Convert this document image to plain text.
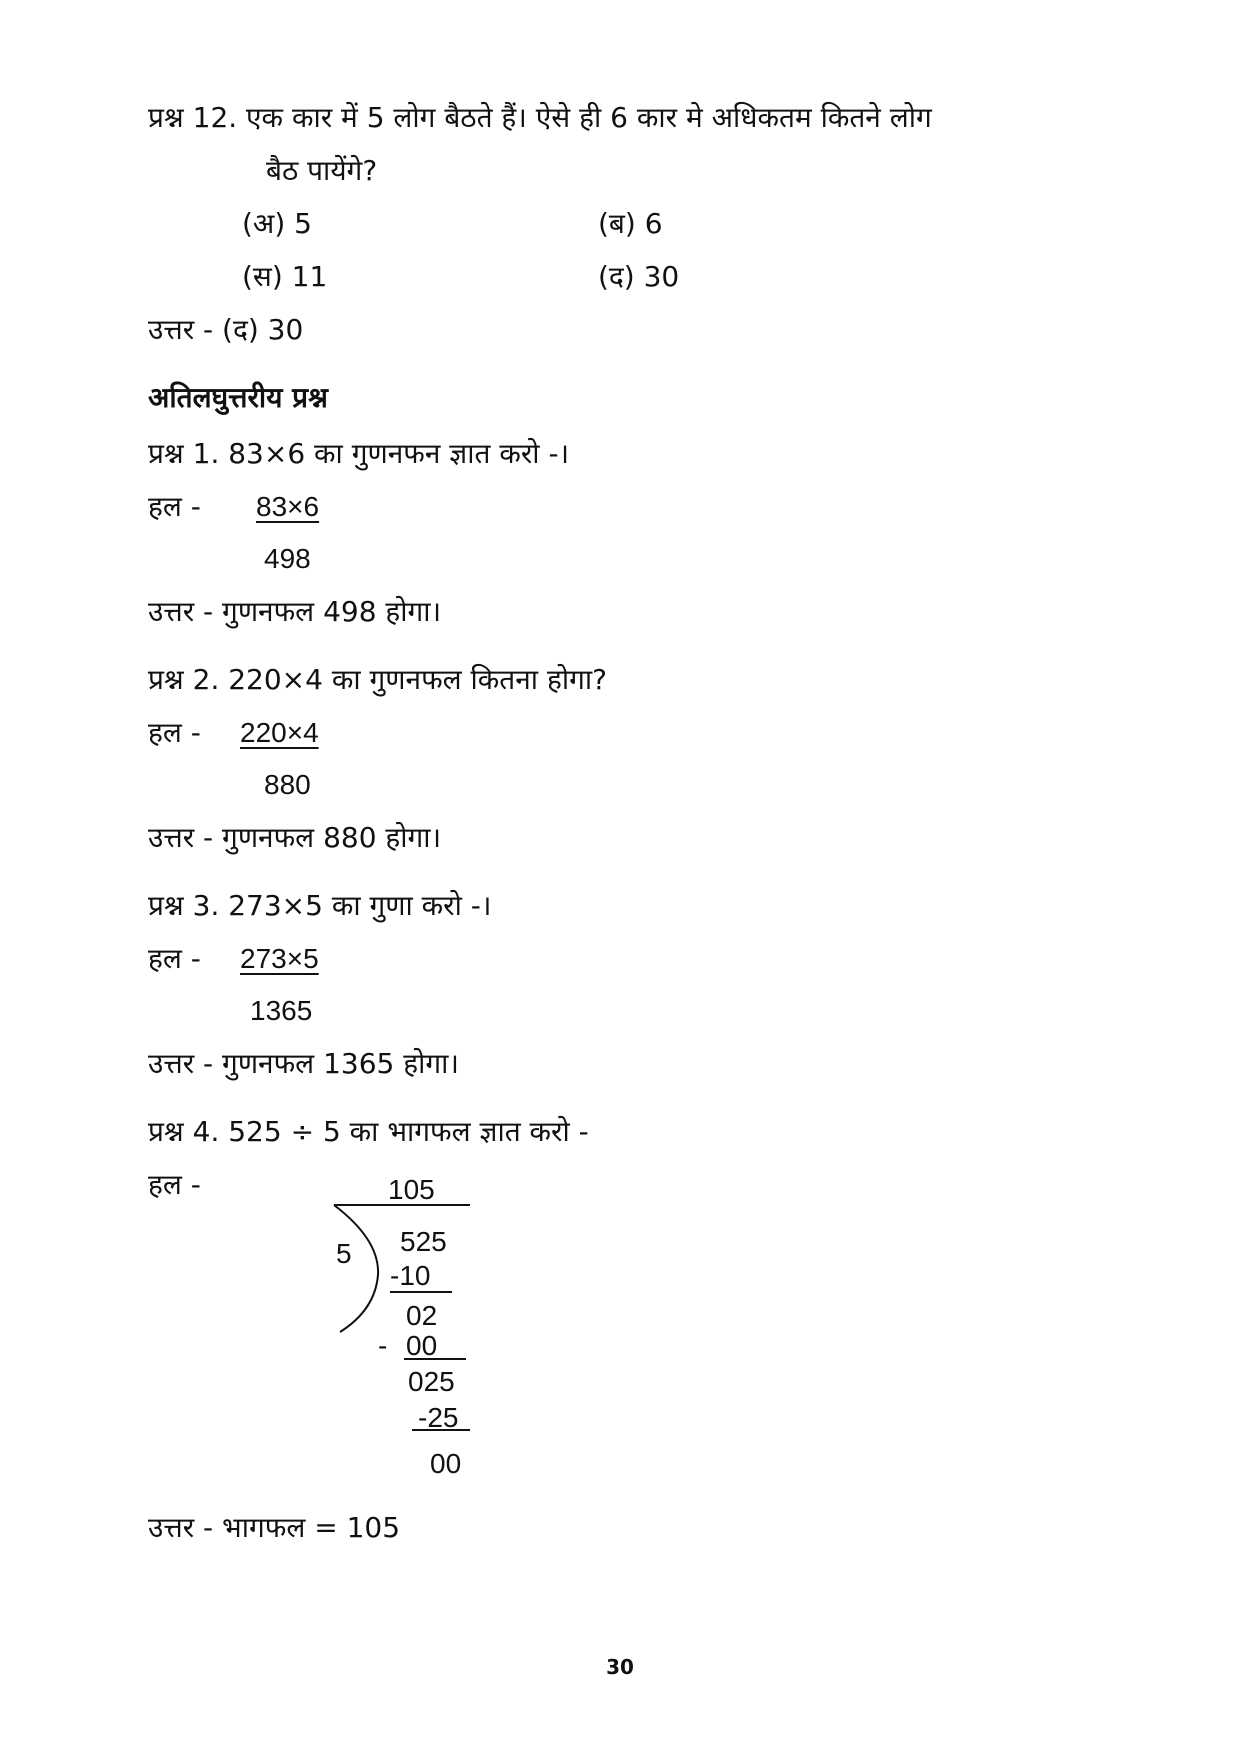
प्रश्न 12. एक कार में 5 लोग बैठते हैं। ऐसे ही 6 कार मे अधिकतम कितने लोग
बैठ पायेंगे?
(अ) 5	(ब) 6
(स) 11	(द) 30
उत्तर - (द) 30
अतिलघुत्तरीय प्रश्न
प्रश्न 1. 83×6 का गुणनफन ज्ञात करो -।
हल - 83×6
498
उत्तर - गुणनफल 498 होगा।
प्रश्न 2. 220×4 का गुणनफल कितना होगा?
हल - 220×4
880
उत्तर - गुणनफल 880 होगा।
प्रश्न 3. 273×5 का गुणा करो -।
हल - 273×5
1365
उत्तर - गुणनफल 1365 होगा।
प्रश्न 4. 525 ÷ 5 का भागफल ज्ञात करो -
हल -	105
5 525
-10
02
- 00
025
-25
00
उत्तर - भागफल = 105
30
